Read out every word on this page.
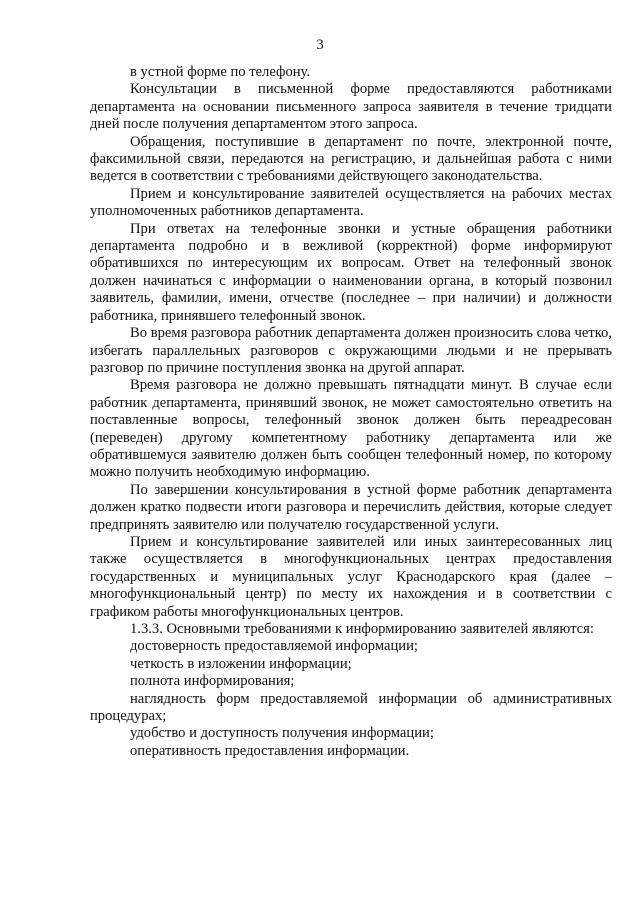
3

в устной форме по телефону.

Консультации в письменной форме предоставляются работниками департамента на основании письменного запроса заявителя в течение тридцати дней после получения департаментом этого запроса.

Обращения, поступившие в департамент по почте, электронной почте, факсимильной связи, передаются на регистрацию, и дальнейшая работа с ними ведется в соответствии с требованиями действующего законодательства.

Прием и консультирование заявителей осуществляется на рабочих местах уполномоченных работников департамента.

При ответах на телефонные звонки и устные обращения работники департамента подробно и в вежливой (корректной) форме информируют обратившихся по интересующим их вопросам. Ответ на телефонный звонок должен начинаться с информации о наименовании органа, в который позвонил заявитель, фамилии, имени, отчестве (последнее – при наличии) и должности работника, принявшего телефонный звонок.

Во время разговора работник департамента должен произносить слова четко, избегать параллельных разговоров с окружающими людьми и не прерывать разговор по причине поступления звонка на другой аппарат.

Время разговора не должно превышать пятнадцати минут. В случае если работник департамента, принявший звонок, не может самостоятельно ответить на поставленные вопросы, телефонный звонок должен быть переадресован (переведен) другому компетентному работнику департамента или же обратившемуся заявителю должен быть сообщен телефонный номер, по которому можно получить необходимую информацию.

По завершении консультирования в устной форме работник департамента должен кратко подвести итоги разговора и перечислить действия, которые следует предпринять заявителю или получателю государственной услуги.

Прием и консультирование заявителей или иных заинтересованных лиц также осуществляется в многофункциональных центрах предоставления государственных и муниципальных услуг Краснодарского края (далее – многофункциональный центр) по месту их нахождения и в соответствии с графиком работы многофункциональных центров.

1.3.3. Основными требованиями к информированию заявителей являются:

достоверность предоставляемой информации;

четкость в изложении информации;

полнота информирования;

наглядность форм предоставляемой информации об административных процедурах;

удобство и доступность получения информации;

оперативность предоставления информации.
